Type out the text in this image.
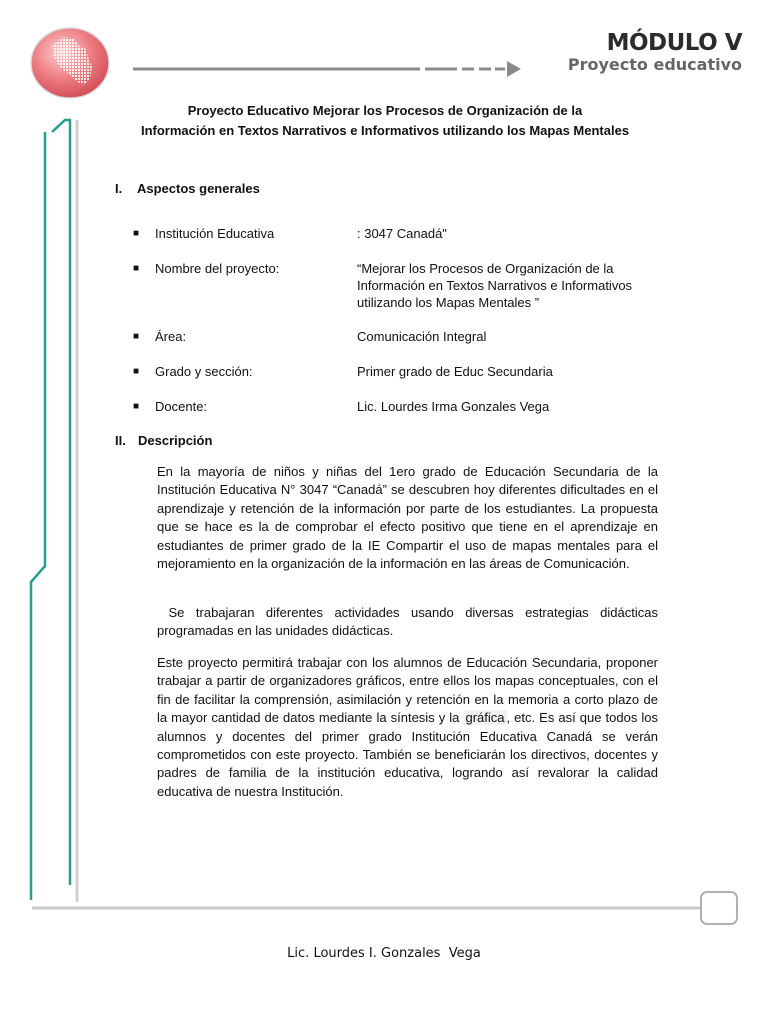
MÓDULO V
Proyecto educativo
Proyecto Educativo Mejorar los Procesos de Organización de la
Información en Textos Narrativos e Informativos utilizando los Mapas Mentales
I. Aspectos generales
■ Institución Educativa	: 3047 Canadá"
■ Nombre del proyecto:	“Mejorar los Procesos de Organización de la
Información en Textos Narrativos e Informativos
utilizando los Mapas Mentales ”
■ Área:	Comunicación Integral
■ Grado y sección:	Primer grado de Educ Secundaria
■ Docente:	Lic. Lourdes Irma Gonzales Vega
II. Descripción
En la mayoría de niños y niñas del 1ero grado de Educación Secundaria de la Institución Educativa N° 3047 “Canadá” se descubren hoy diferentes dificultades en el aprendizaje y retención de la información por parte de los estudiantes. La propuesta que se hace es la de comprobar el efecto positivo que tiene en el aprendizaje en estudiantes de primer grado de la IE Compartir el uso de mapas mentales para el mejoramiento en la organización de la información en las áreas de Comunicación.
Se trabajaran diferentes actividades usando diversas estrategias didácticas programadas en las unidades didácticas.
Este proyecto permitirá trabajar con los alumnos de Educación Secundaria, proponer trabajar a partir de organizadores gráficos, entre ellos los mapas conceptuales, con el fin de facilitar la comprensión, asimilación y retención en la memoria a corto plazo de la mayor cantidad de datos mediante la síntesis y la gráfica , etc. Es así que todos los alumnos y docentes del primer grado Institución Educativa Canadá se verán comprometidos con este proyecto. También se beneficiarán los directivos, docentes y padres de familia de la institución educativa, logrando así revalorar la calidad educativa de nuestra Institución.
Lic. Lourdes I. Gonzales  Vega
